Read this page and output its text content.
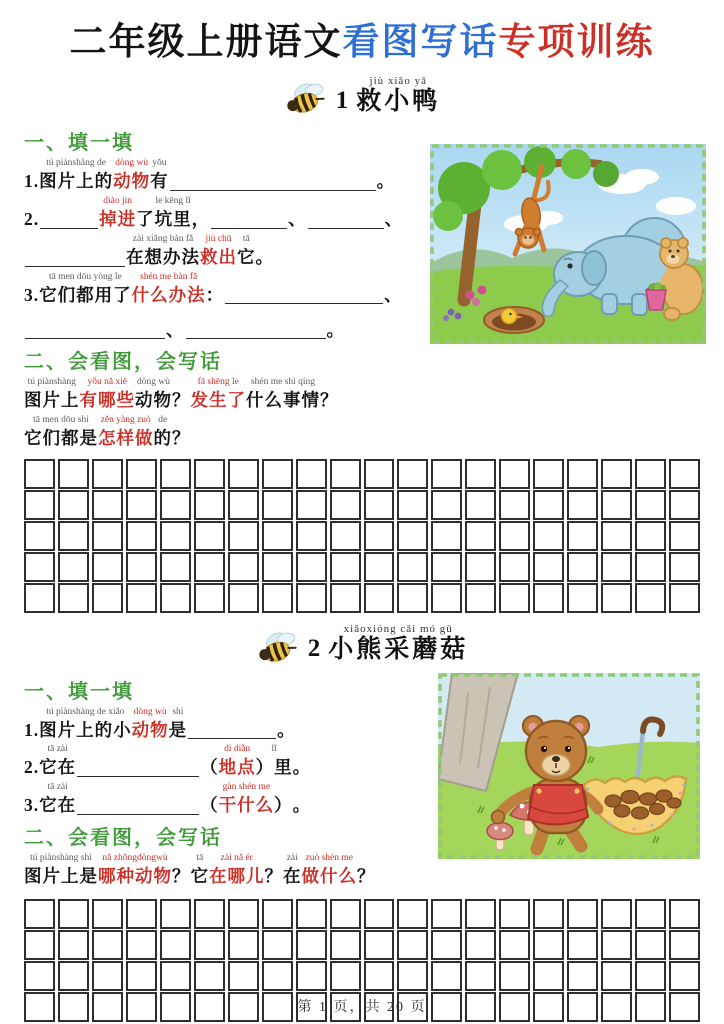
二年级上册语文 看图写话 专项训练
1
jiù xiǎo yā
救小鸭
一、填一填
1.
tú piànshàng de
图片上的
dòng wù
动物
yǒu
有	。
2.
diào jìn
掉进
le kēng lǐ
了坑里，	、	、
zài xiǎng bàn fǎ
在想办法
jiù chū
救出
tā
它 。
3.
tā men dōu yòng le
它们都用了
shén me bàn fǎ
什么办法 ：	、
、	。
二、会看图，会写话
tú piànshàng
图片上
yǒu nǎ xiē
有哪些
dòng wù
动物 ？
fā shēng le
发生了
shén me shì qíng
什么事情 ？
tā men dōu shì
它们都是
zěn yàng zuò
怎样做
de
的 ？
2
xiǎoxióng cǎi mó gū
小熊采蘑菇
一、填一填
1.
tú piànshàng de xiǎo
图片上的小
dòng wù
动物
shì
是	。
2.
tā zài
它在	（
dì diǎn
地点
lǐ
）里 。
3.
tā zài
它在	（
gàn shén me
干什么 ） 。
二、会看图，会写话
tú piànshàng shì
图片上是
nǎ zhǒngdòngwù
哪种动物 ？
tā
它
zài nǎ ér
在哪儿 ？
zài
在
zuò shén me
做什么 ？
第 1 页，共 20 页
